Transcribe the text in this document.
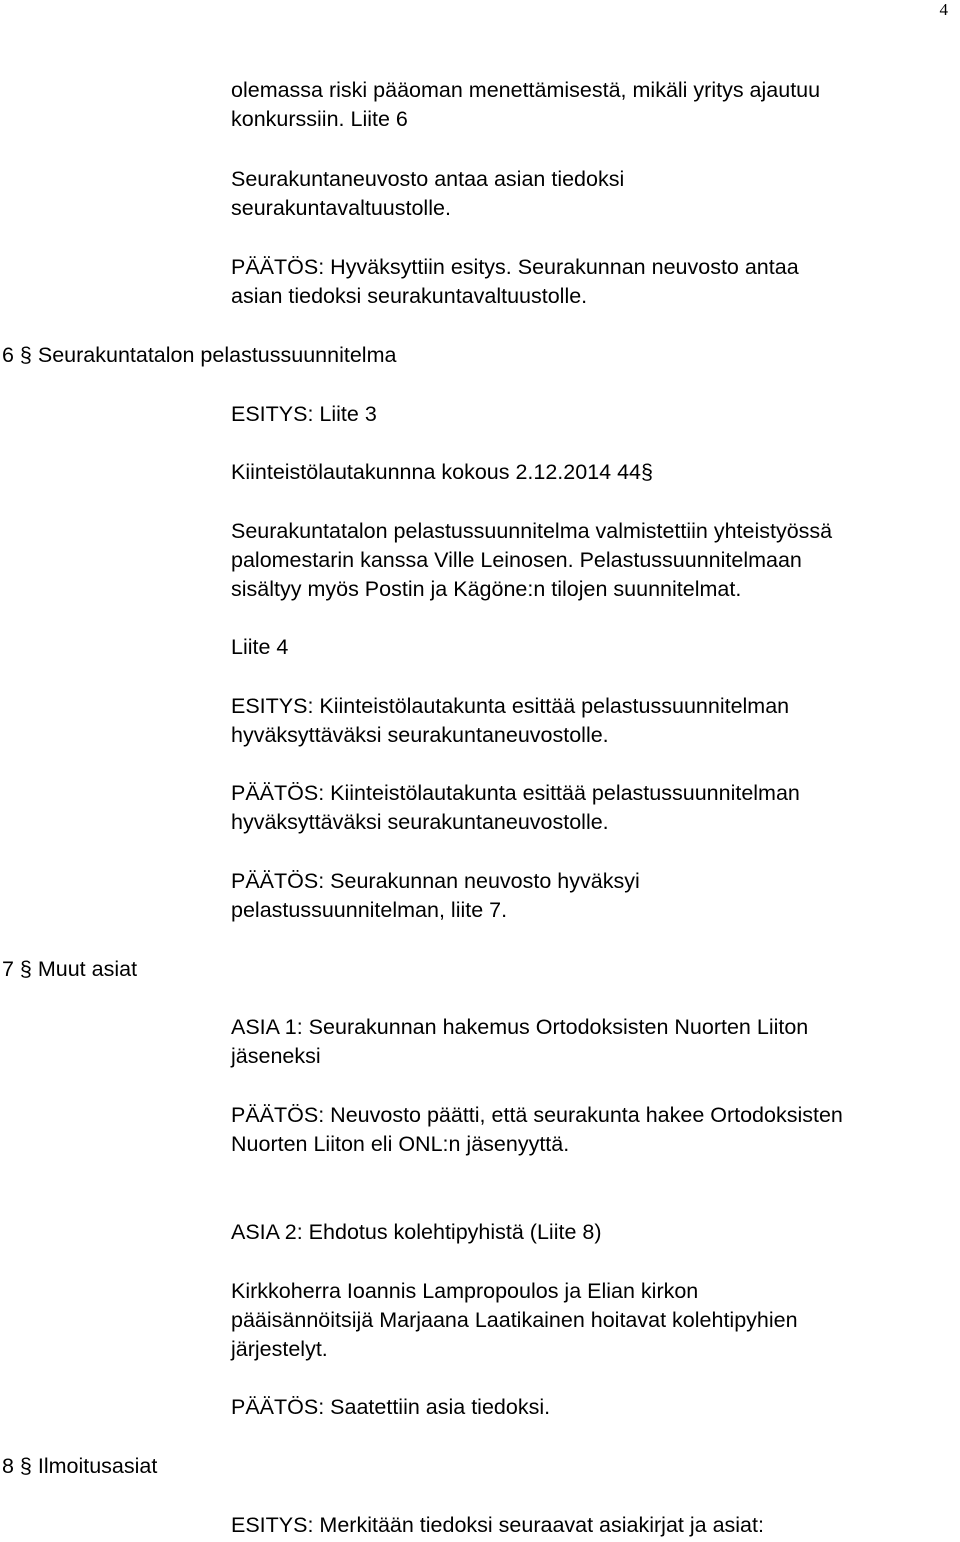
4
olemassa riski pääoman menettämisestä, mikäli yritys ajautuu
konkurssiin. Liite 6
Seurakuntaneuvosto antaa asian tiedoksi
seurakuntavaltuustolle.
PÄÄTÖS: Hyväksyttiin esitys. Seurakunnan neuvosto antaa
asian tiedoksi seurakuntavaltuustolle.
6 § Seurakuntatalon pelastussuunnitelma
ESITYS: Liite 3
Kiinteistölautakunnna kokous 2.12.2014 44§
Seurakuntatalon pelastussuunnitelma valmistettiin yhteistyössä
palomestarin kanssa Ville Leinosen. Pelastussuunnitelmaan
sisältyy myös Postin ja Kägöne:n tilojen suunnitelmat.
Liite 4
ESITYS: Kiinteistölautakunta esittää pelastussuunnitelman
hyväksyttäväksi seurakuntaneuvostolle.
PÄÄTÖS: Kiinteistölautakunta esittää pelastussuunnitelman
hyväksyttäväksi seurakuntaneuvostolle.
PÄÄTÖS: Seurakunnan neuvosto hyväksyi
pelastussuunnitelman, liite 7.
7 § Muut asiat
ASIA 1: Seurakunnan hakemus Ortodoksisten Nuorten Liiton
jäseneksi
PÄÄTÖS: Neuvosto päätti, että seurakunta hakee Ortodoksisten
Nuorten Liiton eli ONL:n jäsenyyttä.
ASIA 2: Ehdotus kolehtipyhistä (Liite 8)
Kirkkoherra Ioannis Lampropoulos ja Elian kirkon
pääisännöitsijä Marjaana Laatikainen hoitavat kolehtipyhien
järjestelyt.
PÄÄTÖS: Saatettiin asia tiedoksi.
8 § Ilmoitusasiat
ESITYS: Merkitään tiedoksi seuraavat asiakirjat ja asiat:
